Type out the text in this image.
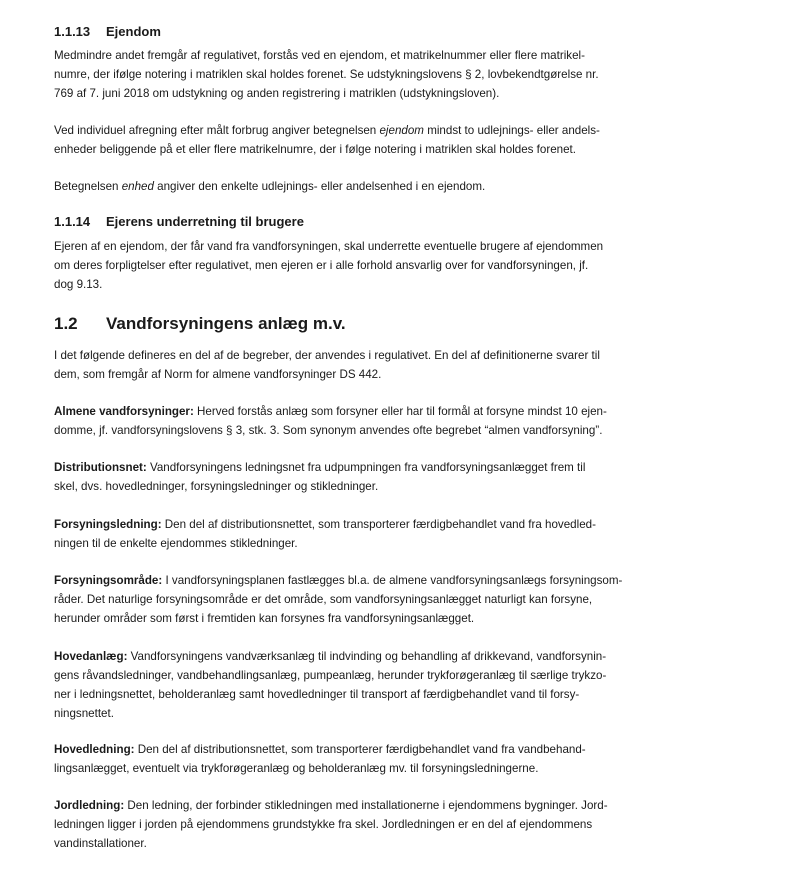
1.1.13 Ejendom
Medmindre andet fremgår af regulativet, forstås ved en ejendom, et matrikelnummer eller flere matrikel-
numre, der ifølge notering i matriklen skal holdes forenet. Se udstykningslovens § 2, lovbekendtgørelse nr.
769 af 7. juni 2018 om udstykning og anden registrering i matriklen (udstykningsloven).
Ved individuel afregning efter målt forbrug angiver betegnelsen ejendom mindst to udlejnings- eller andels-
enheder beliggende på et eller flere matrikelnumre, der i følge notering i matriklen skal holdes forenet.
Betegnelsen enhed angiver den enkelte udlejnings- eller andelsenhed i en ejendom.
1.1.14 Ejerens underretning til brugere
Ejeren af en ejendom, der får vand fra vandforsyningen, skal underrette eventuelle brugere af ejendommen
om deres forpligtelser efter regulativet, men ejeren er i alle forhold ansvarlig over for vandforsyningen, jf.
dog 9.13.
1.2 Vandforsyningens anlæg m.v.
I det følgende defineres en del af de begreber, der anvendes i regulativet. En del af definitionerne svarer til
dem, som fremgår af Norm for almene vandforsyninger DS 442.
Almene vandforsyninger: Herved forstås anlæg som forsyner eller har til formål at forsyne mindst 10 ejen-
domme, jf. vandforsyningslovens § 3, stk. 3. Som synonym anvendes ofte begrebet “almen vandforsyning”.
Distributionsnet: Vandforsyningens ledningsnet fra udpumpningen fra vandforsyningsanlægget frem til
skel, dvs. hovedledninger, forsyningsledninger og stikledninger.
Forsyningsledning: Den del af distributionsnettet, som transporterer færdigbehandlet vand fra hovedled-
ningen til de enkelte ejendommes stikledninger.
Forsyningsområde: I vandforsyningsplanen fastlægges bl.a. de almene vandforsyningsanlægs forsyningsom-
råder. Det naturlige forsyningsområde er det område, som vandforsyningsanlægget naturligt kan forsyne,
herunder områder som først i fremtiden kan forsynes fra vandforsyningsanlægget.
Hovedanlæg: Vandforsyningens vandværksanlæg til indvinding og behandling af drikkevand, vandforsynin-
gens råvandsledninger, vandbehandlingsanlæg, pumpeanlæg, herunder trykforøgeranlæg til særlige trykzo-
ner i ledningsnettet, beholderanlæg samt hovedledninger til transport af færdigbehandlet vand til forsy-
ningsnettet.
Hovedledning: Den del af distributionsnettet, som transporterer færdigbehandlet vand fra vandbehand-
lingsanlægget, eventuelt via trykforøgeranlæg og beholderanlæg mv. til forsyningsledningerne.
Jordledning: Den ledning, der forbinder stikledningen med installationerne i ejendommens bygninger. Jord-
ledningen ligger i jorden på ejendommens grundstykke fra skel. Jordledningen er en del af ejendommens
vandinstallationer.
